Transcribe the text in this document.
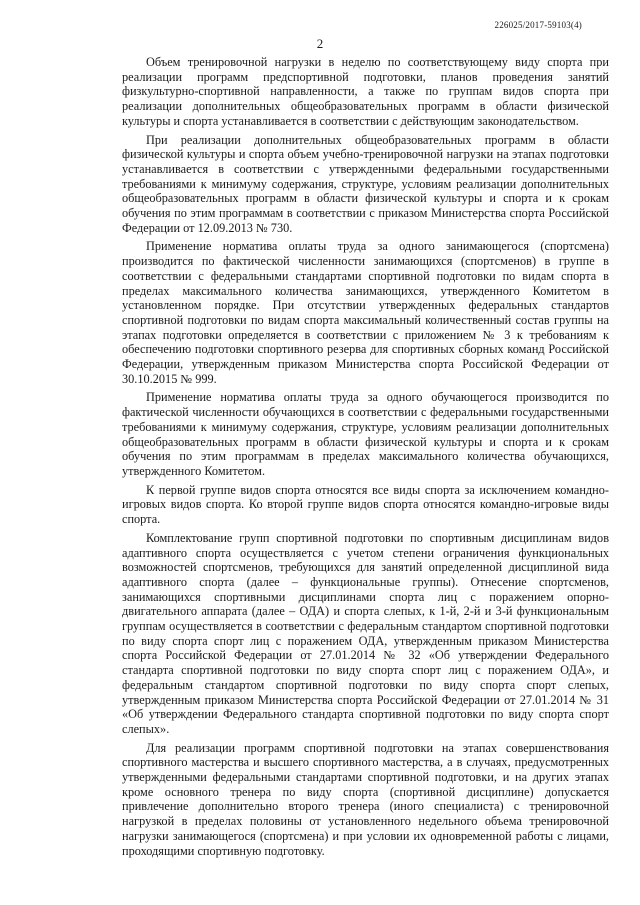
226025/2017-59103(4)
2

Объем тренировочной нагрузки в неделю по соответствующему виду спорта при реализации программ предспортивной подготовки, планов проведения занятий физкультурно-спортивной направленности, а также по группам видов спорта при реализации дополнительных общеобразовательных программ в области физической культуры и спорта устанавливается в соответствии с действующим законодательством.

При реализации дополнительных общеобразовательных программ в области физической культуры и спорта объем учебно-тренировочной нагрузки на этапах подготовки устанавливается в соответствии с утвержденными федеральными государственными требованиями к минимуму содержания, структуре, условиям реализации дополнительных общеобразовательных программ в области физической культуры и спорта и к срокам обучения по этим программам в соответствии с приказом Министерства спорта Российской Федерации от 12.09.2013 № 730.

Применение норматива оплаты труда за одного занимающегося (спортсмена) производится по фактической численности занимающихся (спортсменов) в группе в соответствии с федеральными стандартами спортивной подготовки по видам спорта в пределах максимального количества занимающихся, утвержденного Комитетом в установленном порядке. При отсутствии утвержденных федеральных стандартов спортивной подготовки по видам спорта максимальный количественный состав группы на этапах подготовки определяется в соответствии с приложением № 3 к требованиям к обеспечению подготовки спортивного резерва для спортивных сборных команд Российской Федерации, утвержденным приказом Министерства спорта Российской Федерации от 30.10.2015 № 999.

Применение норматива оплаты труда за одного обучающегося производится по фактической численности обучающихся в соответствии с федеральными государственными требованиями к минимуму содержания, структуре, условиям реализации дополнительных общеобразовательных программ в области физической культуры и спорта и к срокам обучения по этим программам в пределах максимального количества обучающихся, утвержденного Комитетом.

К первой группе видов спорта относятся все виды спорта за исключением командно-игровых видов спорта. Ко второй группе видов спорта относятся командно-игровые виды спорта.

Комплектование групп спортивной подготовки по спортивным дисциплинам видов адаптивного спорта осуществляется с учетом степени ограничения функциональных возможностей спортсменов, требующихся для занятий определенной дисциплиной вида адаптивного спорта (далее – функциональные группы). Отнесение спортсменов, занимающихся спортивными дисциплинами спорта лиц с поражением опорно-двигательного аппарата (далее – ОДА) и спорта слепых, к 1-й, 2-й и 3-й функциональным группам осуществляется в соответствии с федеральным стандартом спортивной подготовки по виду спорта спорт лиц с поражением ОДА, утвержденным приказом Министерства спорта Российской Федерации от 27.01.2014 № 32 «Об утверждении Федерального стандарта спортивной подготовки по виду спорта спорт лиц с поражением ОДА», и федеральным стандартом спортивной подготовки по виду спорта спорт слепых, утвержденным приказом Министерства спорта Российской Федерации от 27.01.2014 № 31 «Об утверждении Федерального стандарта спортивной подготовки по виду спорта спорт слепых».

Для реализации программ спортивной подготовки на этапах совершенствования спортивного мастерства и высшего спортивного мастерства, а в случаях, предусмотренных утвержденными федеральными стандартами спортивной подготовки, и на других этапах кроме основного тренера по виду спорта (спортивной дисциплине) допускается привлечение дополнительно второго тренера (иного специалиста) с тренировочной нагрузкой в пределах половины от установленного недельного объема тренировочной нагрузки занимающегося (спортсмена) и при условии их одновременной работы с лицами, проходящими спортивную подготовку.
